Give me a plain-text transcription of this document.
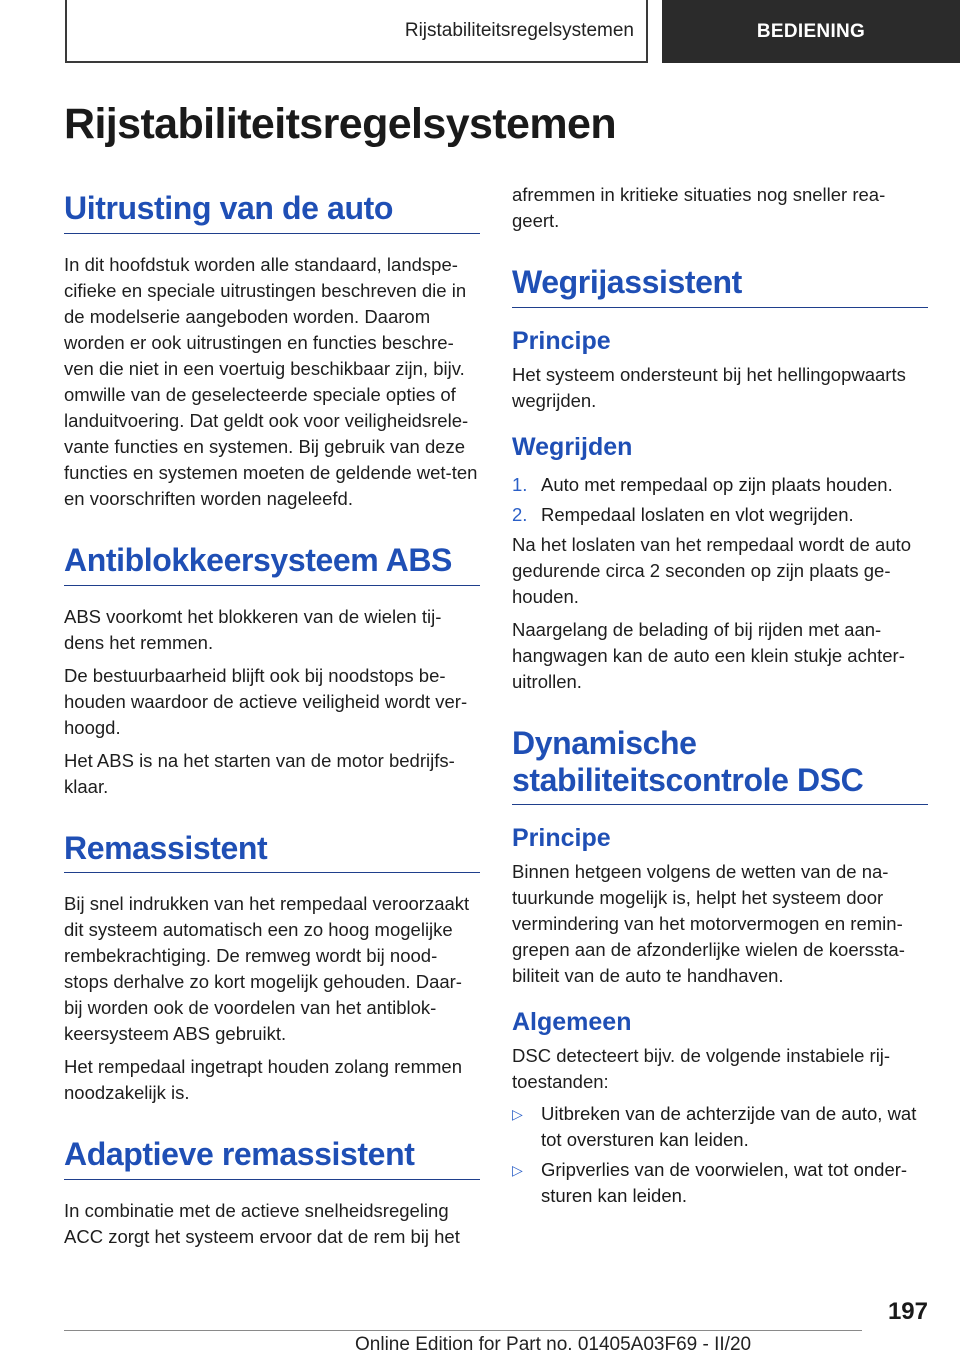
Rijstabiliteitsregelsystemen	BEDIENING
Rijstabiliteitsregelsystemen
Uitrusting van de auto

In dit hoofdstuk worden alle standaard, landspe-cifieke en speciale uitrustingen beschreven die in de modelserie aangeboden worden. Daarom worden er ook uitrustingen en functies beschre-ven die niet in een voertuig beschikbaar zijn, bijv. omwille van de geselecteerde speciale opties of landuitvoering. Dat geldt ook voor veiligheidsrele-vante functies en systemen. Bij gebruik van deze functies en systemen moeten de geldende wet-ten en voorschriften worden nageleefd.

Antiblokkeersysteem ABS

ABS voorkomt het blokkeren van de wielen tij-dens het remmen.

De bestuurbaarheid blijft ook bij noodstops be-houden waardoor de actieve veiligheid wordt ver-hoogd.

Het ABS is na het starten van de motor bedrijfs-klaar.

Remassistent

Bij snel indrukken van het rempedaal veroorzaakt dit systeem automatisch een zo hoog mogelijke rembekrachtiging. De remweg wordt bij nood-stops derhalve zo kort mogelijk gehouden. Daar-bij worden ook de voordelen van het antiblok-keersysteem ABS gebruikt.

Het rempedaal ingetrapt houden zolang remmen noodzakelijk is.

Adaptieve remassistent

In combinatie met de actieve snelheidsregeling ACC zorgt het systeem ervoor dat de rem bij het

afremmen in kritieke situaties nog sneller rea-geert.

Wegrijassistent
Principe

Het systeem ondersteunt bij het hellingopwaarts wegrijden.

Wegrijden
1. Auto met rempedaal op zijn plaats houden.
2. Rempedaal loslaten en vlot wegrijden.

Na het loslaten van het rempedaal wordt de auto gedurende circa 2 seconden op zijn plaats ge-houden.

Naargelang de belading of bij rijden met aan-hangwagen kan de auto een klein stukje achter-uitrollen.

Dynamische stabiliteitscontrole DSC
Principe

Binnen hetgeen volgens de wetten van de na-tuurkunde mogelijk is, helpt het systeem door vermindering van het motorvermogen en remin-grepen aan de afzonderlijke wielen de koerssta-biliteit van de auto te handhaven.

Algemeen

DSC detecteert bijv. de volgende instabiele rij-toestanden:

▷ Uitbreken van de achterzijde van de auto, wat tot oversturen kan leiden.
▷ Gripverlies van de voorwielen, wat tot onder-sturen kan leiden.
197
Online Edition for Part no. 01405A03F69 - II/20
